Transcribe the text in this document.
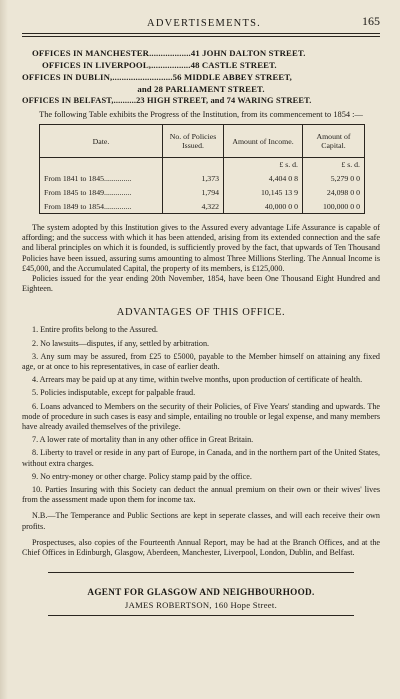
ADVERTISEMENTS.	165

OFFICES IN MANCHESTER..................41 JOHN DALTON STREET.

OFFICES IN LIVERPOOL,.................48 CASTLE STREET.

OFFICES IN DUBLIN,..........................56 MIDDLE ABBEY STREET,

and 28 PARLIAMENT STREET.

OFFICES IN BELFAST,..........23 HIGH STREET, and 74 WARING STREET.

The following Table exhibits the Progress of the Institution, from its commencement to 1854 :—
Date.	No. of Policies Issued.	Amount of Income.	Amount of Capital.
		£ s. d.	£ s. d.
From 1841 to 1845..............	1,373	4,404 0 8	5,279 0 0
From 1845 to 1849..............	1,794	10,145 13 9	24,098 0 0
From 1849 to 1854..............	4,322	40,000 0 0	100,000 0 0

The system adopted by this Institution gives to the Assured every advantage Life Assurance is capable of affording; and the success with which it has been attended, arising from its extended connection and the safe and liberal principles on which it is founded, is sufficiently proved by the fact, that upwards of Ten Thousand Policies have been issued, assuring sums amounting to almost Three Millions Sterling. The Annual Income is £45,000, and the Accumulated Capital, the property of its members, is £125,000.

Policies issued for the year ending 20th November, 1854, have been One Thousand Eight Hundred and Eighteen.

ADVANTAGES OF THIS OFFICE.

1. Entire profits belong to the Assured.

2. No lawsuits—disputes, if any, settled by arbitration.

3. Any sum may be assured, from £25 to £5000, payable to the Member himself on attaining any fixed age, or at once to his representatives, in case of earlier death.

4. Arrears may be paid up at any time, within twelve months, upon production of certificate of health.

5. Policies indisputable, except for palpable fraud.

6. Loans advanced to Members on the security of their Policies, of Five Years' standing and upwards. The mode of procedure in such cases is easy and simple, entailing no trouble or legal expense, and many members have already availed themselves of the privilege.

7. A lower rate of mortality than in any other office in Great Britain.

8. Liberty to travel or reside in any part of Europe, in Canada, and in the northern part of the United States, without extra charges.

9. No entry-money or other charge. Policy stamp paid by the office.

10. Parties Insuring with this Society can deduct the annual premium on their own or their wives' lives from the assessment made upon them for income tax.

N.B.—The Temperance and Public Sections are kept in seperate classes, and will each receive their own profits.

Prospectuses, also copies of the Fourteenth Annual Report, may be had at the Branch Offices, and at the Chief Offices in Edinburgh, Glasgow, Aberdeen, Manchester, Liverpool, London, Dublin, and Belfast.

AGENT FOR GLASGOW AND NEIGHBOURHOOD.
JAMES ROBERTSON, 160 Hope Street.
